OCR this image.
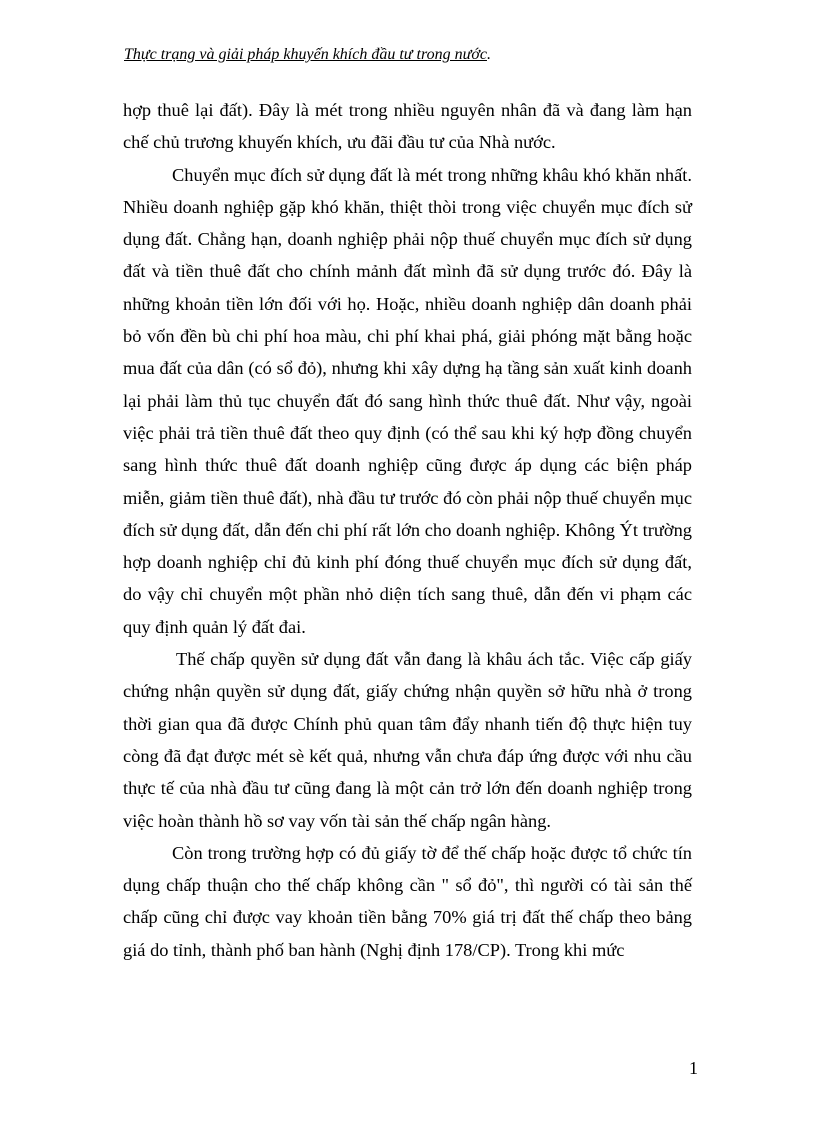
Thực trạng và giải pháp khuyến khích đầu tư trong nước.

hợp thuê lại đất). Đây là mét trong nhiều nguyên nhân đã và đang làm hạn chế chủ trương khuyến khích, ưu đãi đầu tư của Nhà nước.

Chuyển mục đích sử dụng đất là mét trong những khâu khó khăn nhất. Nhiều doanh nghiệp gặp khó khăn, thiệt thòi trong việc chuyển mục đích sử dụng đất. Chẳng hạn, doanh nghiệp phải nộp thuế chuyển mục đích sử dụng đất và tiền thuê đất cho chính mảnh đất mình đã sử dụng trước đó. Đây là những khoản tiền lớn đối với họ. Hoặc, nhiều doanh nghiệp dân doanh phải bỏ vốn đền bù chi phí hoa màu, chi phí khai phá, giải phóng mặt bằng hoặc mua đất của dân (có sổ đỏ), nhưng khi xây dựng hạ tầng sản xuất kinh doanh lại phải làm thủ tục chuyển đất đó sang hình thức thuê đất. Như vậy, ngoài việc phải trả tiền thuê đất theo quy định (có thể sau khi ký hợp đồng chuyển sang hình thức thuê đất doanh nghiệp cũng được áp dụng các biện pháp miễn, giảm tiền thuê đất), nhà đầu tư trước đó còn phải nộp thuế chuyển mục đích sử dụng đất, dẫn đến chi phí rất lớn cho doanh nghiệp. Không Ýt trường hợp doanh nghiệp chỉ đủ kinh phí đóng thuế chuyển mục đích sử dụng đất, do vậy chỉ chuyển một phần nhỏ diện tích sang thuê, dẫn đến vi phạm các quy định quản lý đất đai.

Thế chấp quyền sử dụng đất vẫn đang là khâu ách tắc. Việc cấp giấy chứng nhận quyền sử dụng đất, giấy chứng nhận quyền sở hữu nhà ở trong thời gian qua đã được Chính phủ quan tâm đẩy nhanh tiến độ thực hiện tuy còng đã đạt được mét sè kết quả, nhưng vẫn chưa đáp ứng được với nhu cầu thực tế của nhà đầu tư cũng đang là một cản trở lớn đến doanh nghiệp trong việc hoàn thành hồ sơ vay vốn tài sản thế chấp ngân hàng.

Còn trong trường hợp có đủ giấy tờ để thế chấp hoặc được tổ chức tín dụng chấp thuận cho thế chấp không cần " sổ đỏ", thì người có tài sản thế chấp cũng chỉ được vay khoản tiền bằng 70% giá trị đất thế chấp theo bảng giá do tỉnh, thành phố ban hành (Nghị định 178/CP). Trong khi mức

1
